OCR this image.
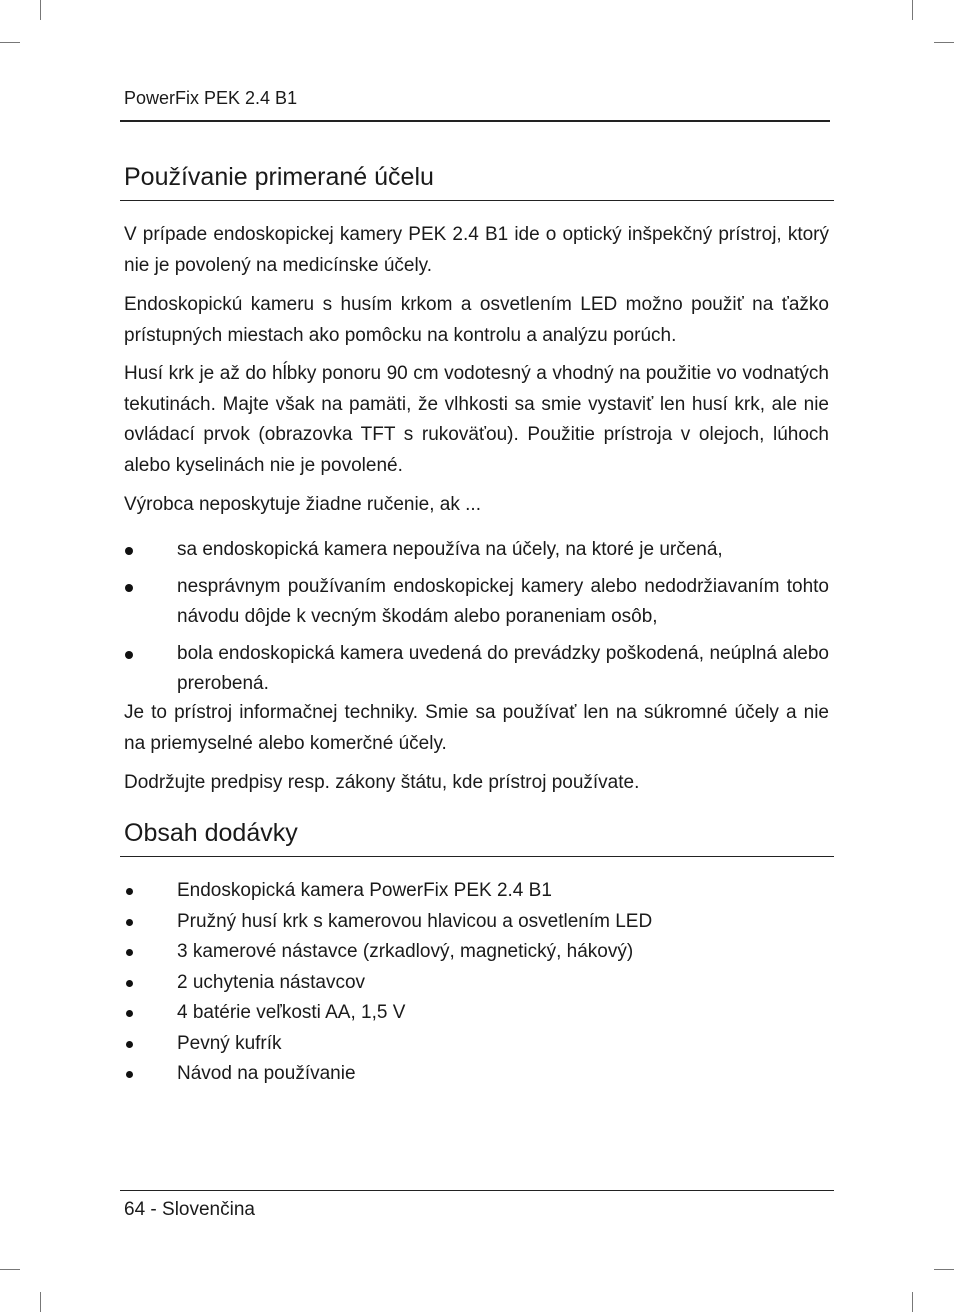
PowerFix PEK 2.4 B1
Používanie primerané účelu

V prípade endoskopickej kamery PEK 2.4 B1 ide o optický inšpekčný prístroj, ktorý nie je povolený na medicínske účely.

Endoskopickú kameru s husím krkom a osvetlením LED možno použiť na ťažko prístupných miestach ako pomôcku na kontrolu a analýzu porúch.

Husí krk je až do hĺbky ponoru 90 cm vodotesný a vhodný na použitie vo vodnatých tekutinách. Majte však na pamäti, že vlhkosti sa smie vystaviť len husí krk, ale nie ovládací prvok (obrazovka TFT s rukoväťou). Použitie prístroja v olejoch, lúhoch alebo kyselinách nie je povolené.

Výrobca neposkytuje žiadne ručenie, ak ...

sa endoskopická kamera nepoužíva na účely, na ktoré je určená,
nesprávnym používaním endoskopickej kamery alebo nedodržiavaním tohto návodu dôjde k vecným škodám alebo poraneniam osôb,
bola endoskopická kamera uvedená do prevádzky poškodená, neúplná alebo prerobená.

Je to prístroj informačnej techniky. Smie sa používať len na súkromné účely a nie na priemyselné alebo komerčné účely.

Dodržujte predpisy resp. zákony štátu, kde prístroj používate.

Obsah dodávky
Endoskopická kamera PowerFix PEK 2.4 B1
Pružný husí krk s kamerovou hlavicou a osvetlením LED
3 kamerové nástavce (zrkadlový, magnetický, hákový)
2 uchytenia nástavcov
4 batérie veľkosti AA, 1,5 V
Pevný kufrík
Návod na používanie
64 - Slovenčina
